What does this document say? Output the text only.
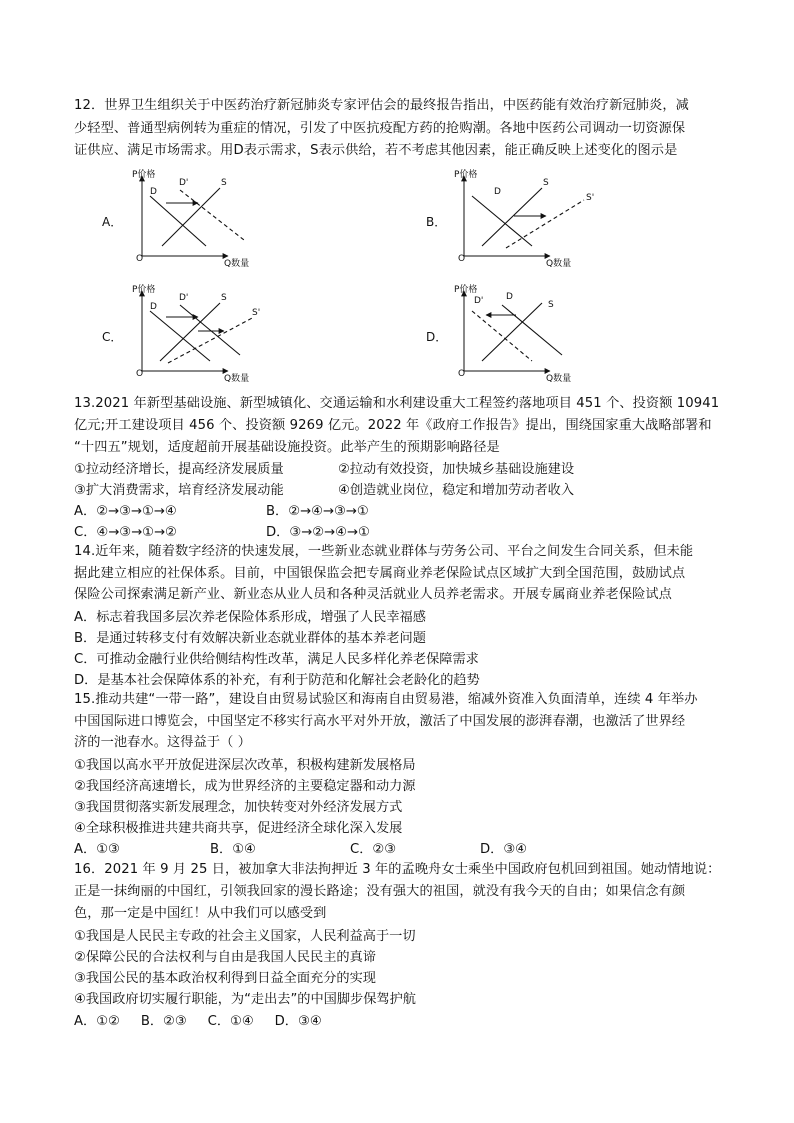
12．世界卫生组织关于中医药治疗新冠肺炎专家评估会的最终报告指出，中医药能有效治疗新冠肺炎，减
少轻型、普通型病例转为重症的情况，引发了中医抗疫配方药的抢购潮。各地中医药公司调动一切资源保
证供应、满足市场需求。用D表示需求，S表示供给，若不考虑其他因素，能正确反映上述变化的图示是
A．
P价格
Q数量
O
D
D'	S
B．
P价格
Q数量
O
D
S
S'
C．
P价格
Q数量
O
D
D'	S
S'
D．
P价格
Q数量
O
D'	D
S
13.2021 年新型基础设施、新型城镇化、交通运输和水利建设重大工程签约落地项目 451 个、投资额 10941
亿元;开工建设项目 456 个、投资额 9269 亿元。2022 年《政府工作报告》提出，围绕国家重大战略部署和
“十四五”规划，适度超前开展基础设施投资。此举产生的预期影响路径是
①拉动经济增长，提高经济发展质量	②拉动有效投资，加快城乡基础设施建设
③扩大消费需求，培育经济发展动能	④创造就业岗位，稳定和增加劳动者收入
A．②→③→①→④	B．②→④→③→①
C．④→③→①→②	D．③→②→④→①
14.近年来，随着数字经济的快速发展，一些新业态就业群体与劳务公司、平台之间发生合同关系，但未能
据此建立相应的社保体系。目前，中国银保监会把专属商业养老保险试点区域扩大到全国范围，鼓励试点
保险公司探索满足新产业、新业态从业人员和各种灵活就业人员养老需求。开展专属商业养老保险试点
A．标志着我国多层次养老保险体系形成，增强了人民幸福感
B．是通过转移支付有效解决新业态就业群体的基本养老问题
C．可推动金融行业供给侧结构性改革，满足人民多样化养老保障需求
D．是基本社会保障体系的补充，有利于防范和化解社会老龄化的趋势
15.推动共建“一带一路”，建设自由贸易试验区和海南自由贸易港，缩减外资准入负面清单，连续 4 年举办
中国国际进口博览会，中国坚定不移实行高水平对外开放，激活了中国发展的澎湃春潮，也激活了世界经
济的一池春水。这得益于（ ）
①我国以高水平开放促进深层次改革，积极构建新发展格局
②我国经济高速增长，成为世界经济的主要稳定器和动力源
③我国贯彻落实新发展理念，加快转变对外经济发展方式
④全球积极推进共建共商共享，促进经济全球化深入发展
A．①③	B．①④	C．②③	D．③④
16．2021 年 9 月 25 日，被加拿大非法拘押近 3 年的孟晚舟女士乘坐中国政府包机回到祖国。她动情地说：
正是一抹绚丽的中国红，引领我回家的漫长路途；没有强大的祖国，就没有我今天的自由；如果信念有颜
色，那一定是中国红！从中我们可以感受到
①我国是人民民主专政的社会主义国家，人民利益高于一切
②保障公民的合法权利与自由是我国人民民主的真谛
③我国公民的基本政治权利得到日益全面充分的实现
④我国政府切实履行职能，为“走出去”的中国脚步保驾护航
A．①②     B．②③     C．①④     D．③④
